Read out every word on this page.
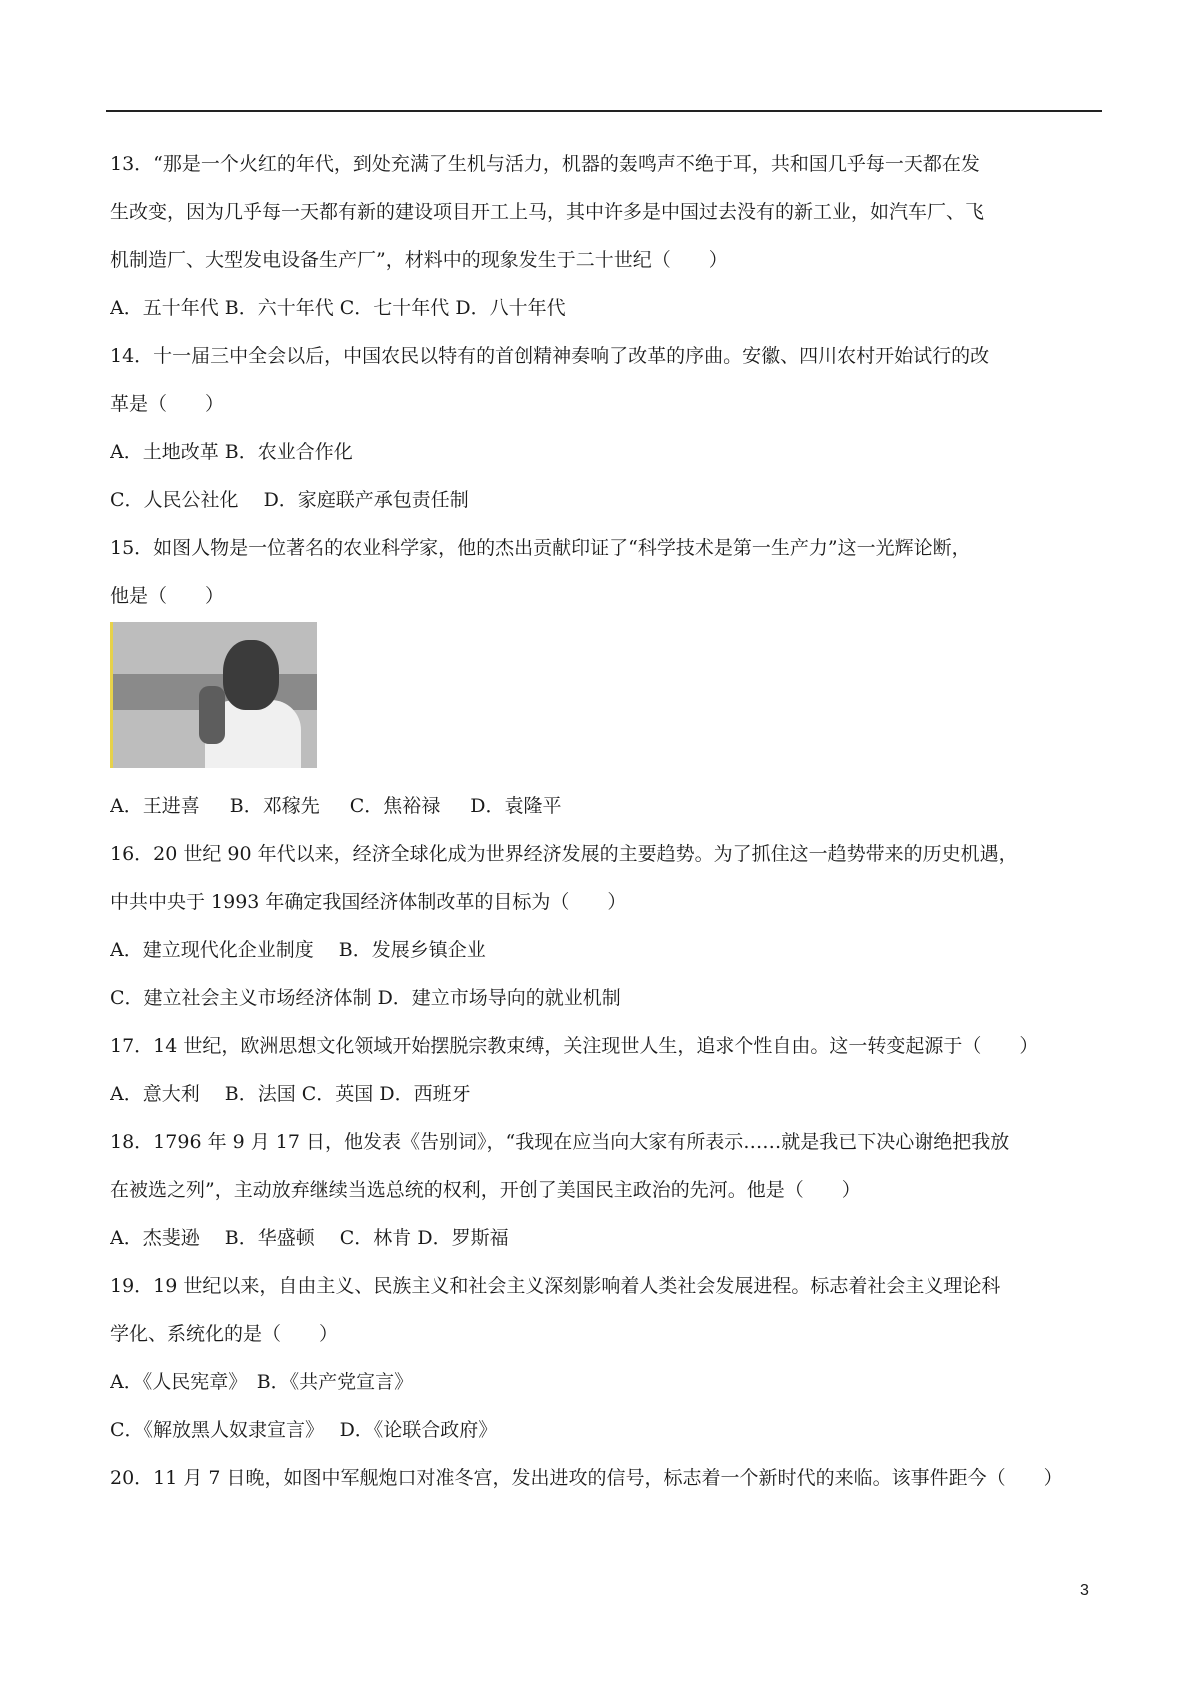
13．“那是一个火红的年代，到处充满了生机与活力，机器的轰鸣声不绝于耳，共和国几乎每一天都在发
生改变，因为几乎每一天都有新的建设项目开工上马，其中许多是中国过去没有的新工业，如汽车厂、飞
机制造厂、大型发电设备生产厂”，材料中的现象发生于二十世纪（　　）
A．五十年代 B．六十年代 C．七十年代 D．八十年代
14．十一届三中全会以后，中国农民以特有的首创精神奏响了改革的序曲。安徽、四川农村开始试行的改
革是（　　）
A．土地改革 B．农业合作化
C．人民公社化　 D．家庭联产承包责任制
15．如图人物是一位著名的农业科学家，他的杰出贡献印证了“科学技术是第一生产力”这一光辉论断，
他是（　　）
A．王进喜 B．邓稼先 C．焦裕禄 D．袁隆平
16．20 世纪 90 年代以来，经济全球化成为世界经济发展的主要趋势。为了抓住这一趋势带来的历史机遇，
中共中央于 1993 年确定我国经济体制改革的目标为（　　）
A．建立现代化企业制度　 B．发展乡镇企业
C．建立社会主义市场经济体制 D．建立市场导向的就业机制
17．14 世纪，欧洲思想文化领域开始摆脱宗教束缚，关注现世人生，追求个性自由。这一转变起源于（　　）
A．意大利　 B．法国 C．英国 D．西班牙
18．1796 年 9 月 17 日，他发表《告别词》，“我现在应当向大家有所表示……就是我已下决心谢绝把我放
在被选之列”，主动放弃继续当选总统的权利，开创了美国民主政治的先河。他是（　　）
A．杰斐逊　 B．华盛顿　 C．林肯 D．罗斯福
19．19 世纪以来，自由主义、民族主义和社会主义深刻影响着人类社会发展进程。标志着社会主义理论科
学化、系统化的是（　　）
A．《人民宪章》　B．《共产党宣言》
C．《解放黑人奴隶宣言》　 D．《论联合政府》
20．11 月 7 日晚，如图中军舰炮口对准冬宫，发出进攻的信号，标志着一个新时代的来临。该事件距今（　　）
3
